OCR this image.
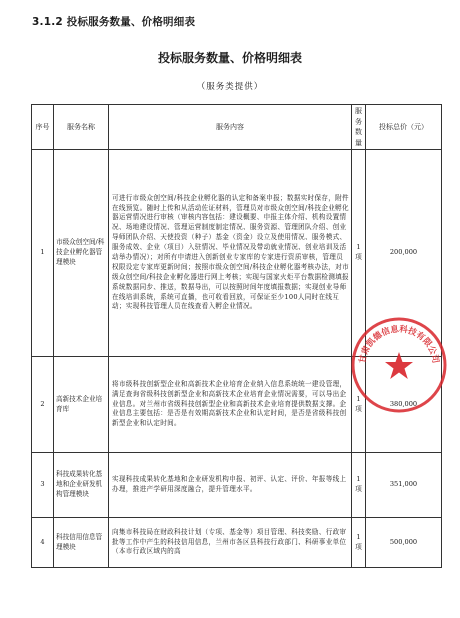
3.1.2 投标服务数量、价格明细表
投标服务数量、价格明细表
（服务类提供）
序号	服务名称	服务内容	服务数量	投标总价（元）
1	市级众创空间/科技企业孵化器管理模块	可进行市级众创空间/科技企业孵化器的认定和备案申报；数据实时保存，附件在线预览。随时上传和从活动佐证材料，管理员对市级众创空间/科技企业孵化器运营情况进行审核（审核内容包括：建设概要、申报主体介绍、机构设置情况、场地建设情况、管理运营制度制定情况、服务资源、管理团队介绍、创业导师团队介绍、天使投资（种子）基金（资金）设立及使用情况、服务模式、服务成效、企业（项目）入驻情况、毕业情况及带动就业情况、创业培训及活动举办情况）；对所有申请进入创新创业专家库的专家进行资质审核，管理员权限设定专家库更新时间；按照市级众创空间/科技企业孵化器考核办法，对市级众创空间/科技企业孵化器进行网上考核；实现与国家火炬平台数据检测填报系统数据同步、推送，数据导出，可以按照时间年度填报数据；实现创业导师在线培训系统，系统可直播，也可收看回放，可保证至少100人同时在线互动；实现科技管理人员在线查看入孵企业情况。	1 项	200,000
2	高新技术企业培育库	将市级科技创新型企业和高新技术企业培育企业纳入信息系统统一建设管理，满足查询省级科技创新型企业和高新技术企业培育企业情况需要，可以导出企业信息。对兰州市省级科技创新型企业和高新技术企业培育提供数据支撑。企业信息主要包括：是否是有效期高新技术企业和认定时间，是否是省级科技创新型企业和认定时间。	1 项	380,000
3	科技成果转化基地和企业研发机构管理模块	实现科技成果转化基地和企业研发机构申报、初评、认定、评价、年报等线上办理，推进产学研用深度融合，提升管理水平。	1 项	351,000
4	科技信用信息管理模块	向集市科技局在财政科技计划（专项、基金等）项目管理、科技奖励、行政审批等工作中产生的科技信用信息，兰州市各区县科技行政部门、科研事业单位（本市行政区域内的高	1 项	500,000
甘肃凯德信息科技有限公司
